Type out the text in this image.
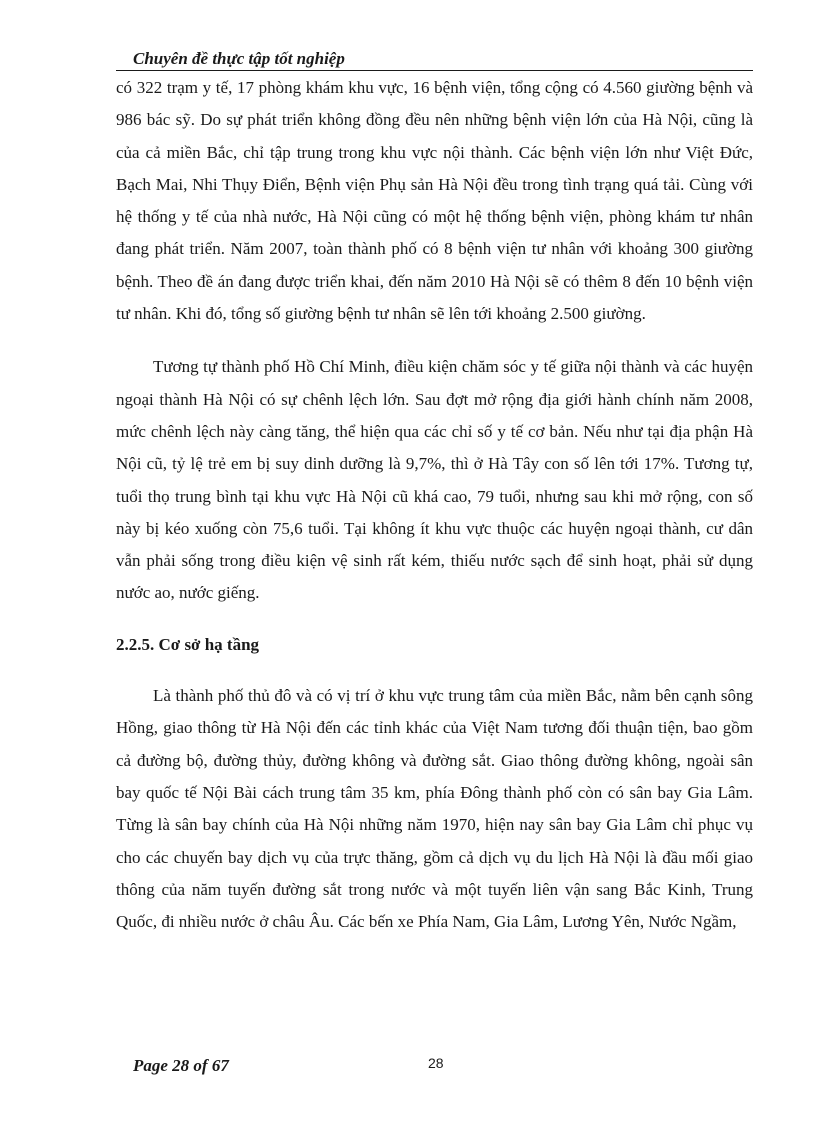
Chuyên đề thực tập tốt nghiệp

có 322 trạm y tế, 17 phòng khám khu vực, 16 bệnh viện, tổng cộng có 4.560 giường bệnh và 986 bác sỹ. Do sự phát triển không đồng đều nên những bệnh viện lớn của Hà Nội, cũng là của cả miền Bắc, chỉ tập trung trong khu vực nội thành. Các bệnh viện lớn như Việt Đức, Bạch Mai, Nhi Thụy Điển, Bệnh viện Phụ sản Hà Nội đều trong tình trạng quá tải. Cùng với hệ thống y tế của nhà nước, Hà Nội cũng có một hệ thống bệnh viện, phòng khám tư nhân đang phát triển. Năm 2007, toàn thành phố có 8 bệnh viện tư nhân với khoảng 300 giường bệnh. Theo đề án đang được triển khai, đến năm 2010 Hà Nội sẽ có thêm 8 đến 10 bệnh viện tư nhân. Khi đó, tổng số giường bệnh tư nhân sẽ lên tới khoảng 2.500 giường.

Tương tự thành phố Hồ Chí Minh, điều kiện chăm sóc y tế giữa nội thành và các huyện ngoại thành Hà Nội có sự chênh lệch lớn. Sau đợt mở rộng địa giới hành chính năm 2008, mức chênh lệch này càng tăng, thể hiện qua các chỉ số y tế cơ bản. Nếu như tại địa phận Hà Nội cũ, tỷ lệ trẻ em bị suy dinh dưỡng là 9,7%, thì ở Hà Tây con số lên tới 17%. Tương tự, tuổi thọ trung bình tại khu vực Hà Nội cũ khá cao, 79 tuổi, nhưng sau khi mở rộng, con số này bị kéo xuống còn 75,6 tuổi. Tại không ít khu vực thuộc các huyện ngoại thành, cư dân vẫn phải sống trong điều kiện vệ sinh rất kém, thiếu nước sạch để sinh hoạt, phải sử dụng nước ao, nước giếng.

2.2.5. Cơ sở hạ tầng

Là thành phố thủ đô và có vị trí ở khu vực trung tâm của miền Bắc, nằm bên cạnh sông Hồng, giao thông từ Hà Nội đến các tỉnh khác của Việt Nam tương đối thuận tiện, bao gồm cả đường bộ, đường thủy, đường không và đường sắt. Giao thông đường không, ngoài sân bay quốc tế Nội Bài cách trung tâm 35 km, phía Đông thành phố còn có sân bay Gia Lâm. Từng là sân bay chính của Hà Nội những năm 1970, hiện nay sân bay Gia Lâm chỉ phục vụ cho các chuyến bay dịch vụ của trực thăng, gồm cả dịch vụ du lịch Hà Nội là đầu mối giao thông của năm tuyến đường sắt trong nước và một tuyến liên vận sang Bắc Kinh, Trung Quốc, đi nhiều nước ở châu Âu. Các bến xe Phía Nam, Gia Lâm, Lương Yên, Nước Ngầm,

Page 28 of 67	28
